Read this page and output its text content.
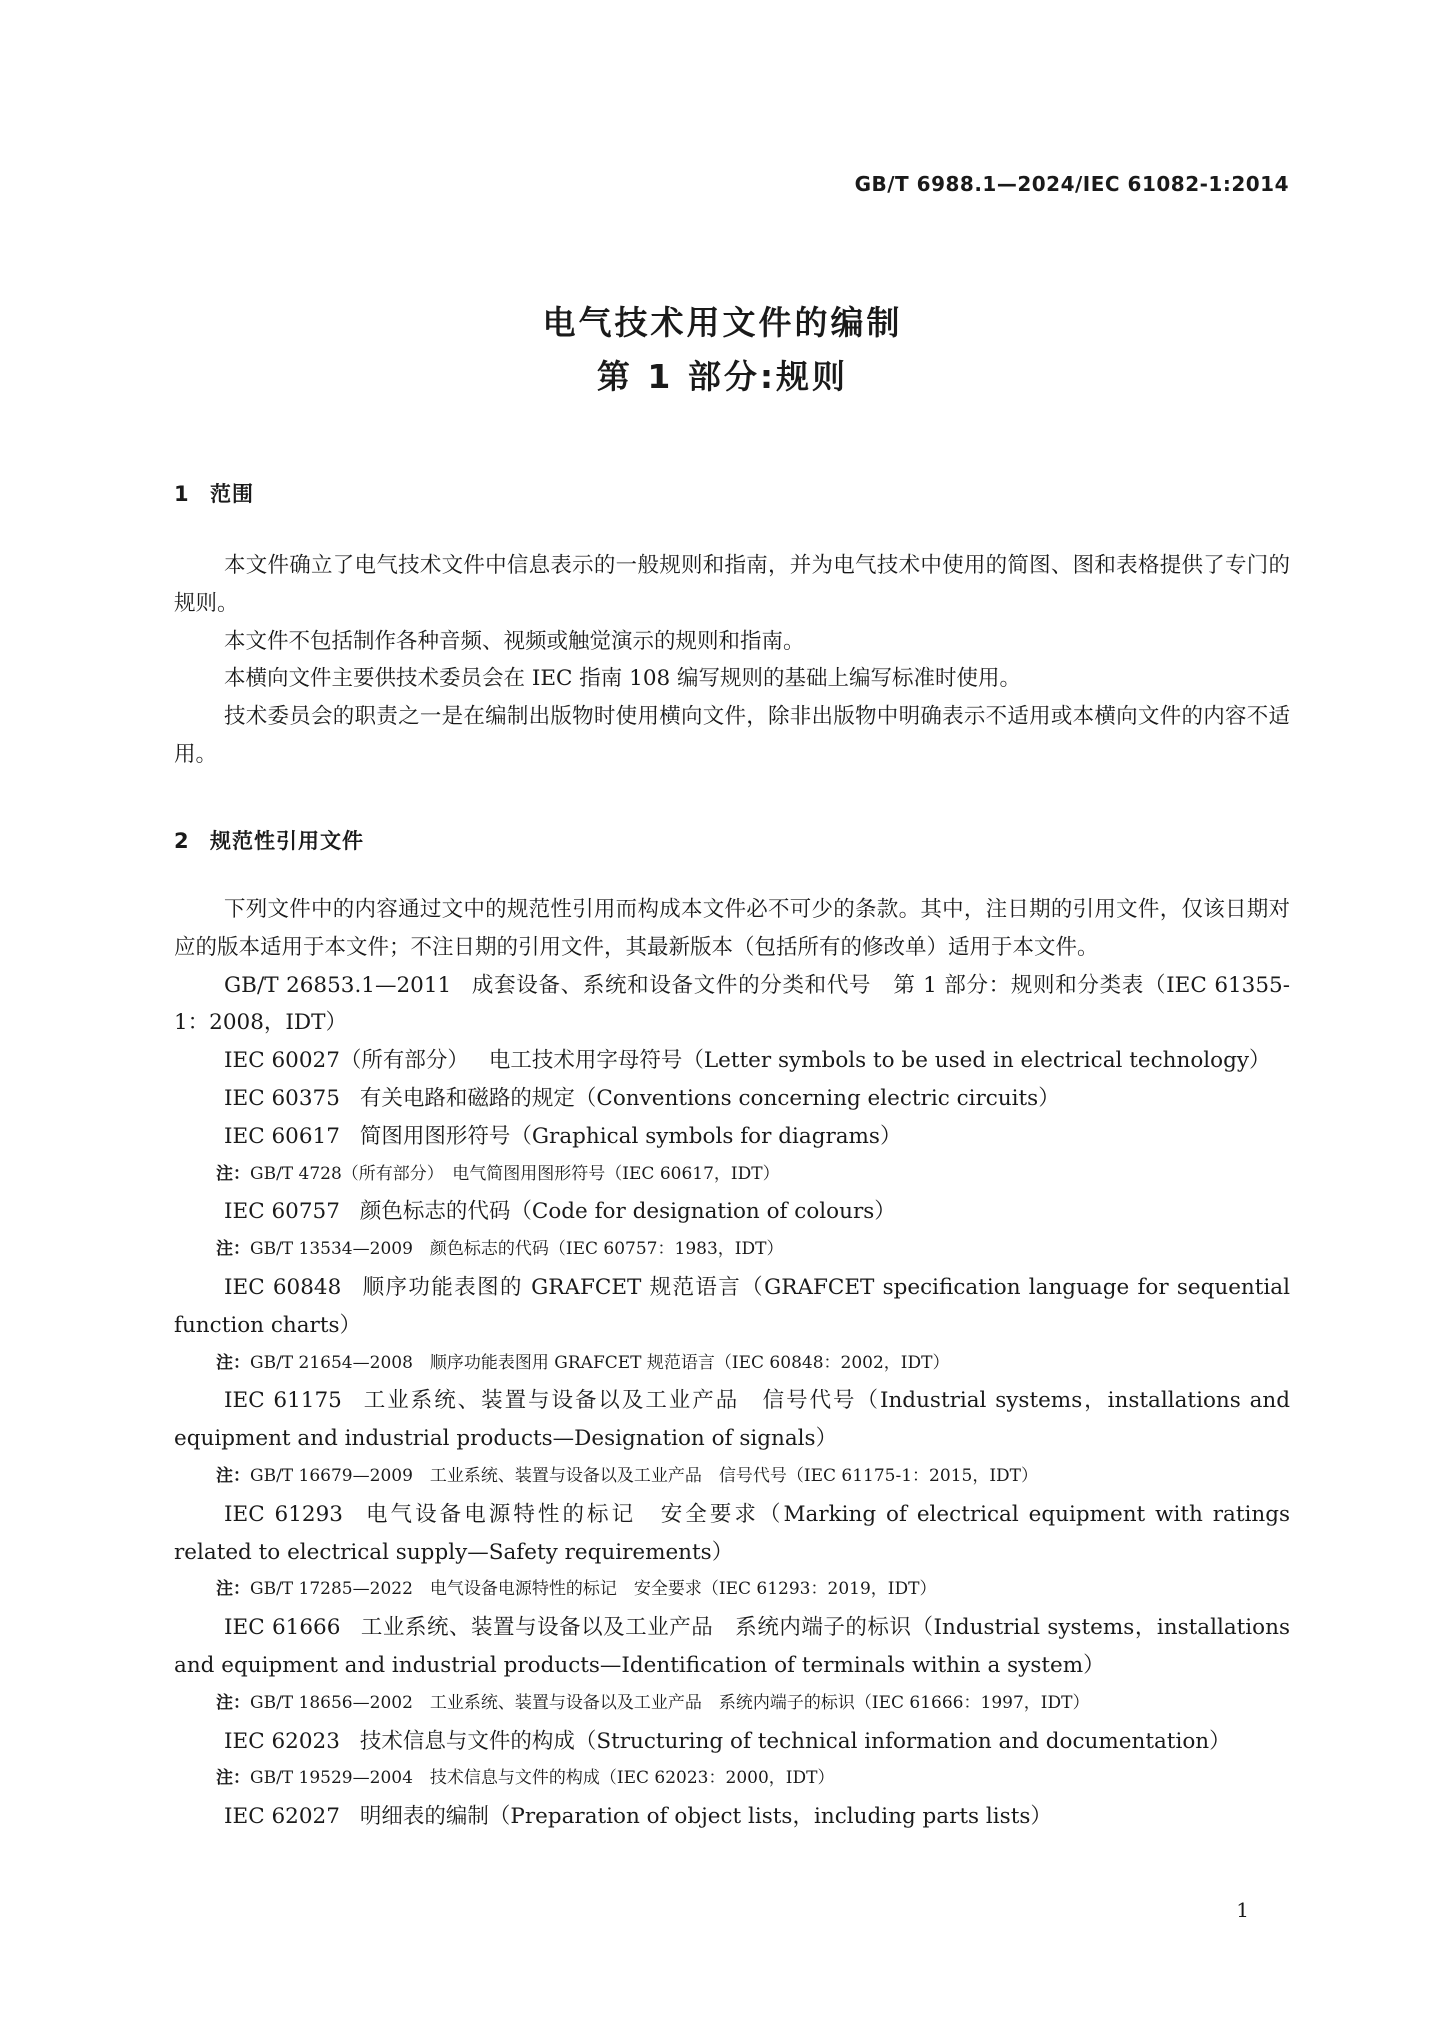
GB/T 6988.1—2024/IEC 61082-1:2014
电气技术用文件的编制
第 1 部分:规则
1 范围

本文件确立了电气技术文件中信息表示的一般规则和指南，并为电气技术中使用的简图、图和表格提供了专门的规则。

本文件不包括制作各种音频、视频或触觉演示的规则和指南。

本横向文件主要供技术委员会在 IEC 指南 108 编写规则的基础上编写标准时使用。

技术委员会的职责之一是在编制出版物时使用横向文件，除非出版物中明确表示不适用或本横向文件的内容不适用。

2 规范性引用文件

下列文件中的内容通过文中的规范性引用而构成本文件必不可少的条款。其中，注日期的引用文件，仅该日期对应的版本适用于本文件；不注日期的引用文件，其最新版本（包括所有的修改单）适用于本文件。

GB/T 26853.1—2011 成套设备、系统和设备文件的分类和代号　第 1 部分：规则和分类表（IEC 61355-1：2008，IDT）

IEC 60027（所有部分） 电工技术用字母符号（Letter symbols to be used in electrical technology）

IEC 60375 有关电路和磁路的规定（Conventions concerning electric circuits）

IEC 60617 简图用图形符号（Graphical symbols for diagrams）

注：GB/T 4728（所有部分）　电气简图用图形符号（IEC 60617，IDT）

IEC 60757 颜色标志的代码（Code for designation of colours）

注：GB/T 13534—2009　颜色标志的代码（IEC 60757：1983，IDT）

IEC 60848 顺序功能表图的 GRAFCET 规范语言（GRAFCET specification language for sequential function charts）

注：GB/T 21654—2008　顺序功能表图用 GRAFCET 规范语言（IEC 60848：2002，IDT）

IEC 61175 工业系统、装置与设备以及工业产品　信号代号（Industrial systems，installations and equipment and industrial products—Designation of signals）

注：GB/T 16679—2009　工业系统、装置与设备以及工业产品　信号代号（IEC 61175-1：2015，IDT）

IEC 61293 电气设备电源特性的标记　安全要求（Marking of electrical equipment with ratings related to electrical supply—Safety requirements）

注：GB/T 17285—2022　电气设备电源特性的标记　安全要求（IEC 61293：2019，IDT）

IEC 61666 工业系统、装置与设备以及工业产品　系统内端子的标识（Industrial systems，installations and equipment and industrial products—Identification of terminals within a system）

注：GB/T 18656—2002　工业系统、装置与设备以及工业产品　系统内端子的标识（IEC 61666：1997，IDT）

IEC 62023 技术信息与文件的构成（Structuring of technical information and documentation）

注：GB/T 19529—2004　技术信息与文件的构成（IEC 62023：2000，IDT）

IEC 62027 明细表的编制（Preparation of object lists，including parts lists）

1
